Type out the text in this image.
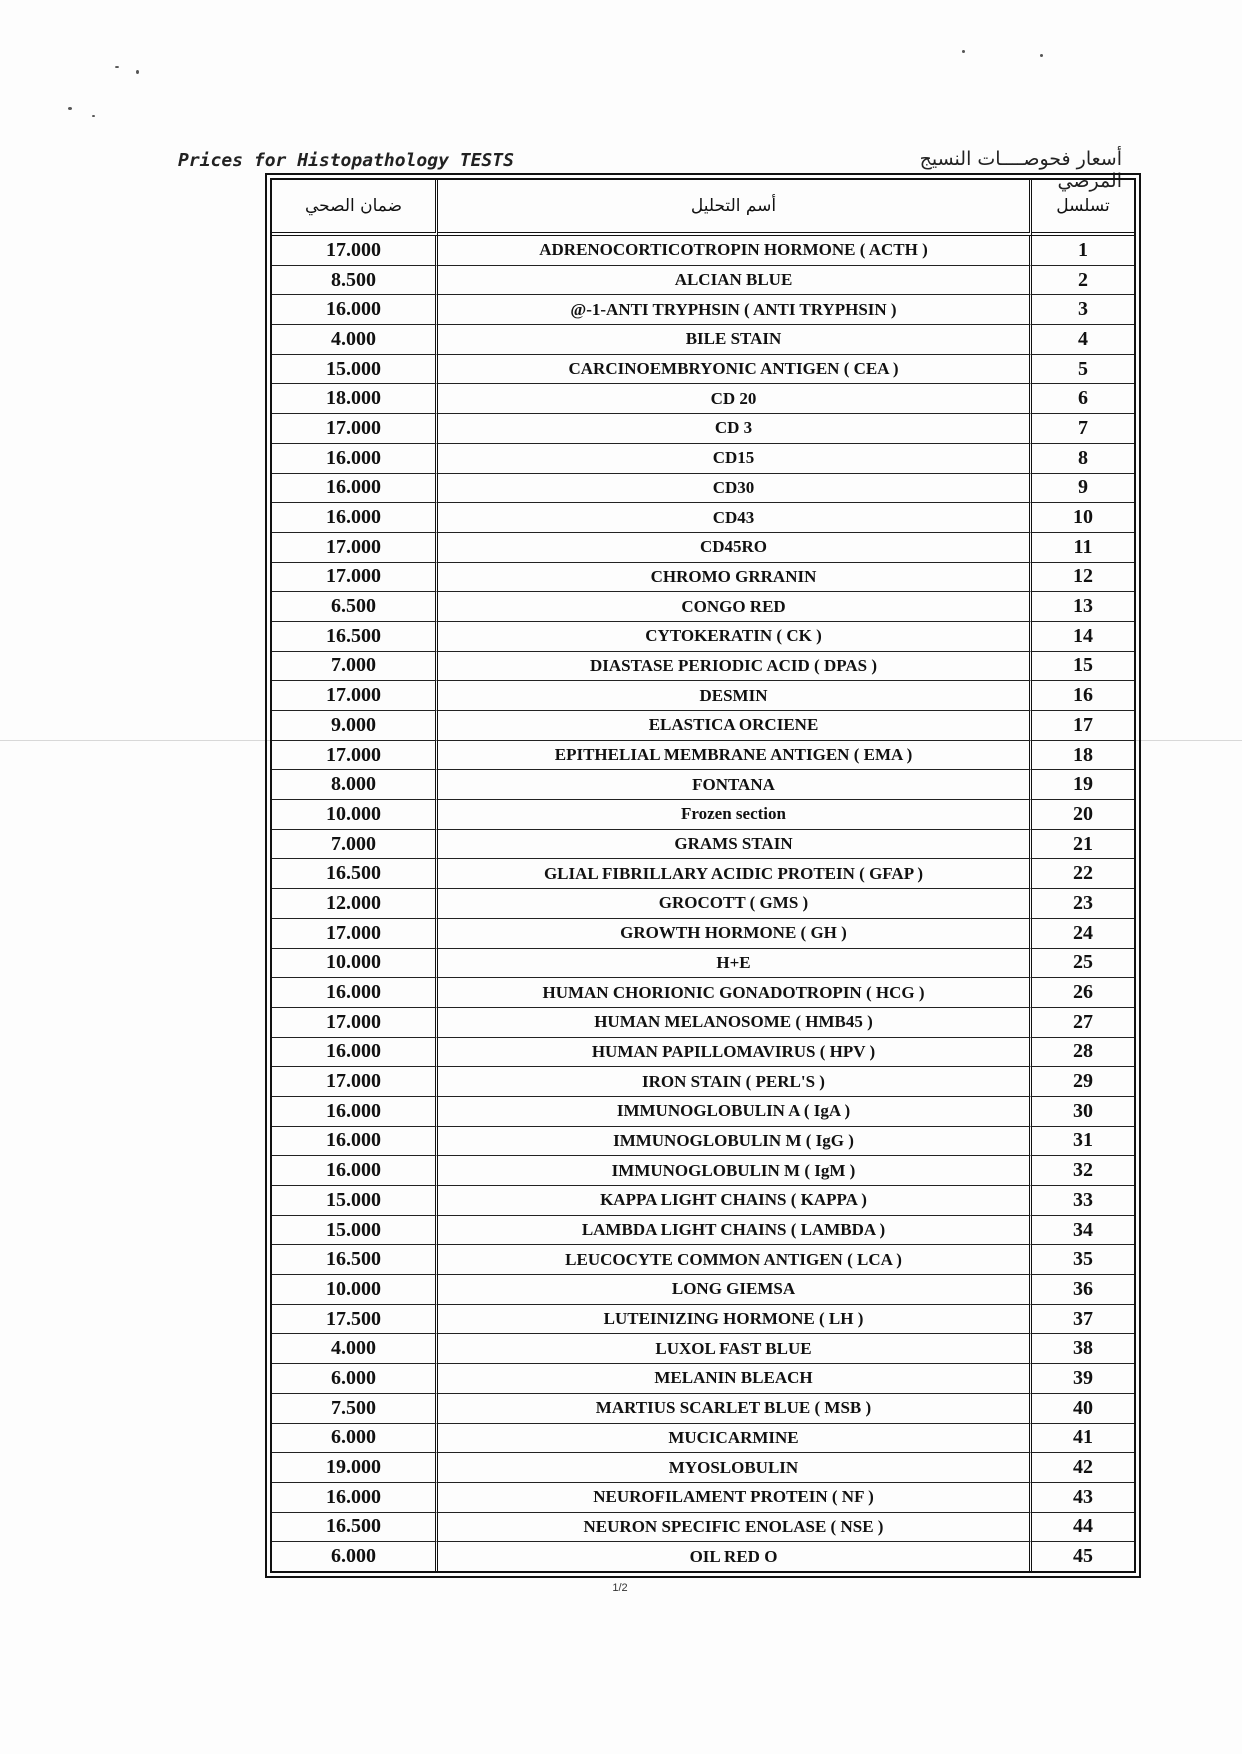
Prices for Histopathology TESTS	أسعار فحوصــــات النسيج المرضي
ضمان الصحي	أسم التحليل	تسلسل
17.000	ADRENOCORTICOTROPIN HORMONE ( ACTH )	1
8.500	ALCIAN BLUE	2
16.000	@-1-ANTI TRYPHSIN ( ANTI TRYPHSIN )	3
4.000	BILE STAIN	4
15.000	CARCINOEMBRYONIC ANTIGEN ( CEA )	5
18.000	CD 20	6
17.000	CD 3	7
16.000	CD15	8
16.000	CD30	9
16.000	CD43	10
17.000	CD45RO	11
17.000	CHROMO GRRANIN	12
6.500	CONGO RED	13
16.500	CYTOKERATIN ( CK )	14
7.000	DIASTASE PERIODIC ACID ( DPAS )	15
17.000	DESMIN	16
9.000	ELASTICA ORCIENE	17
17.000	EPITHELIAL MEMBRANE ANTIGEN ( EMA )	18
8.000	FONTANA	19
10.000	Frozen section	20
7.000	GRAMS STAIN	21
16.500	GLIAL FIBRILLARY ACIDIC PROTEIN ( GFAP )	22
12.000	GROCOTT ( GMS )	23
17.000	GROWTH HORMONE ( GH )	24
10.000	H+E	25
16.000	HUMAN CHORIONIC GONADOTROPIN ( HCG )	26
17.000	HUMAN MELANOSOME ( HMB45 )	27
16.000	HUMAN PAPILLOMAVIRUS ( HPV )	28
17.000	IRON STAIN ( PERL'S )	29
16.000	IMMUNOGLOBULIN A ( IgA )	30
16.000	IMMUNOGLOBULIN M ( IgG )	31
16.000	IMMUNOGLOBULIN M ( IgM )	32
15.000	KAPPA LIGHT CHAINS ( KAPPA )	33
15.000	LAMBDA LIGHT CHAINS ( LAMBDA )	34
16.500	LEUCOCYTE COMMON ANTIGEN ( LCA )	35
10.000	LONG GIEMSA	36
17.500	LUTEINIZING HORMONE ( LH )	37
4.000	LUXOL FAST BLUE	38
6.000	MELANIN BLEACH	39
7.500	MARTIUS SCARLET BLUE ( MSB )	40
6.000	MUCICARMINE	41
19.000	MYOSLOBULIN	42
16.000	NEUROFILAMENT PROTEIN ( NF )	43
16.500	NEURON SPECIFIC ENOLASE ( NSE )	44
6.000	OIL RED O	45
1/2
